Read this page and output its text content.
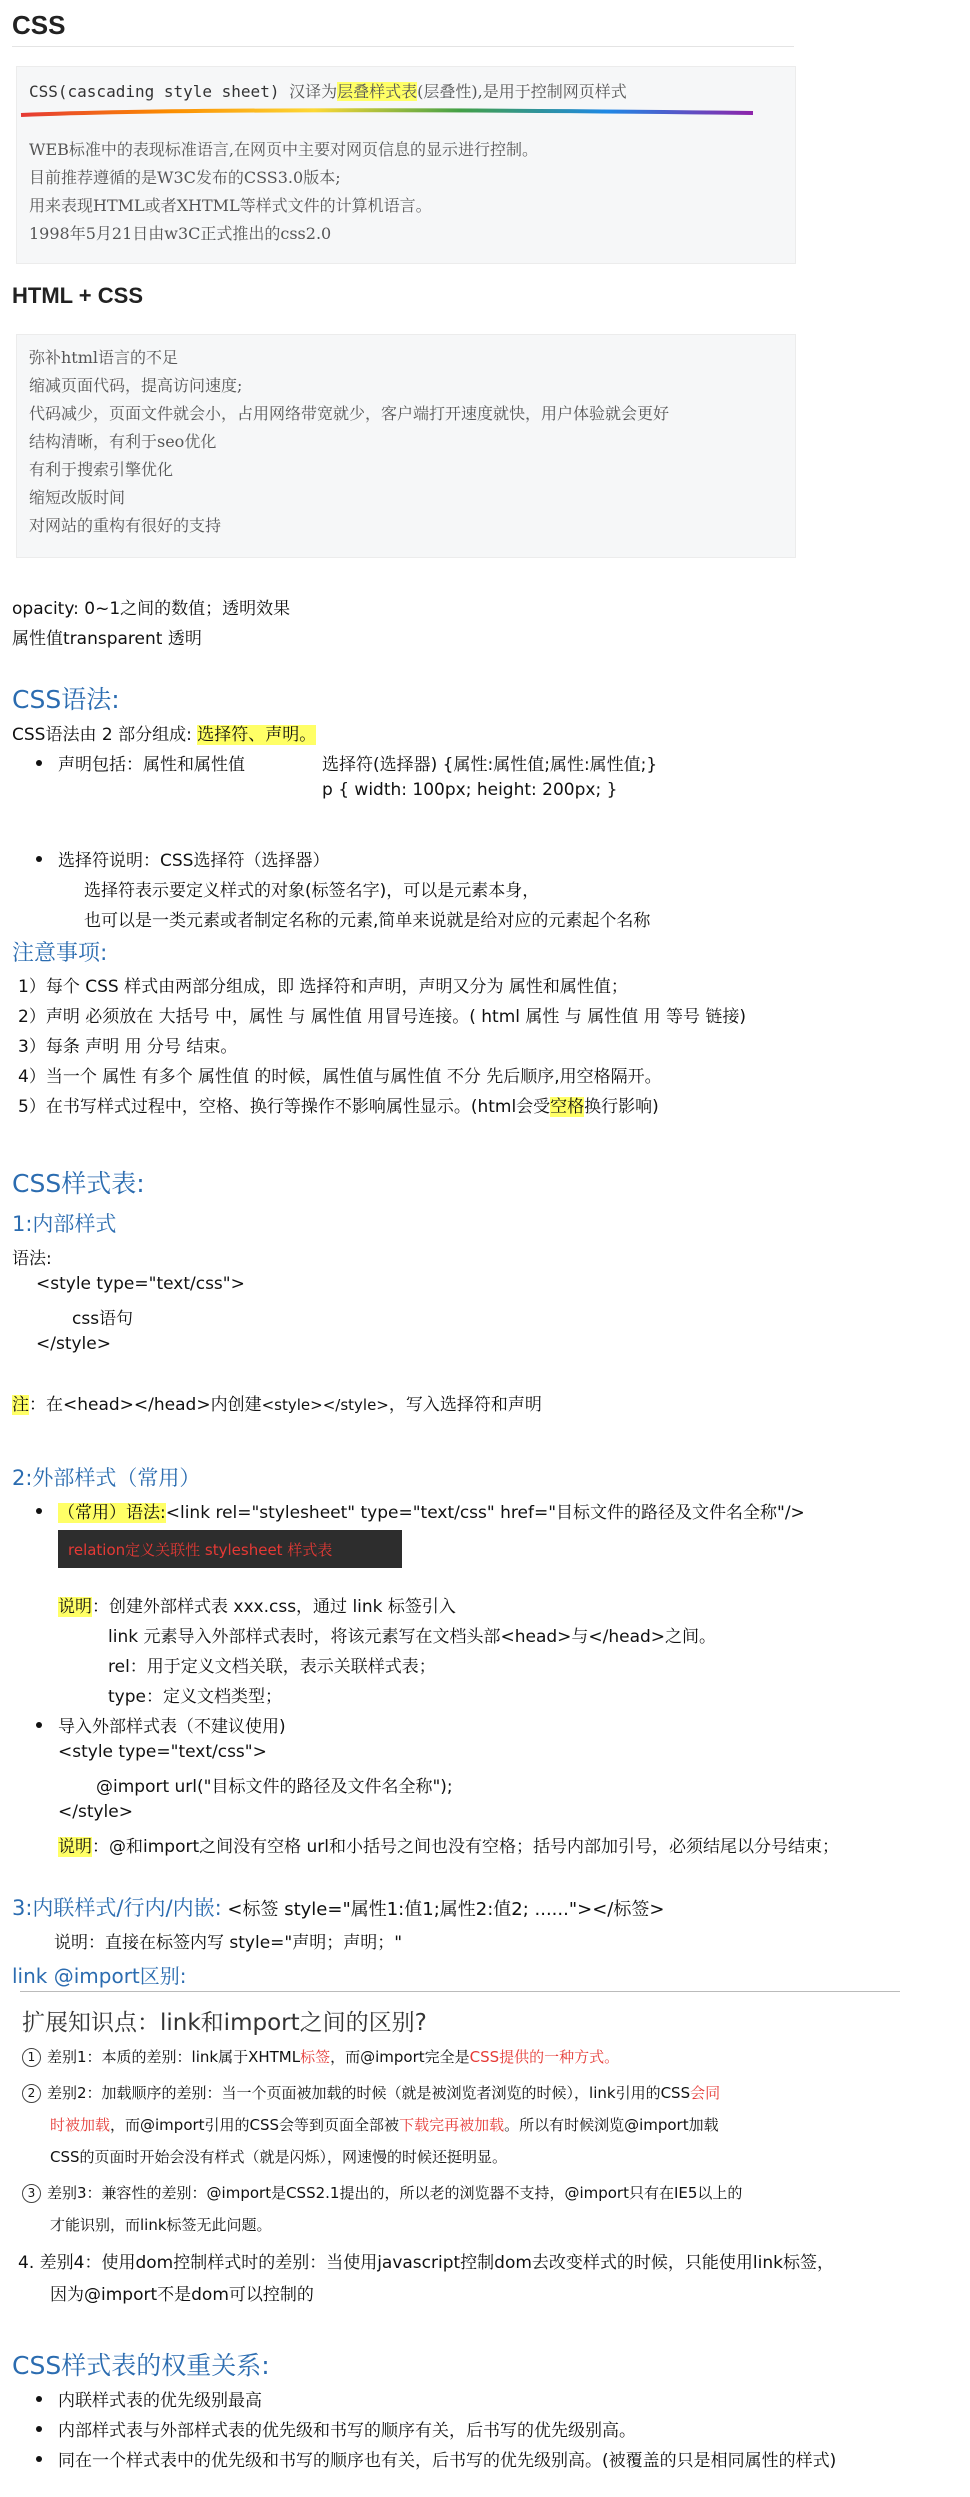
CSS
CSS(cascading style sheet) 汉译为层叠样式表(层叠性),是用于控制网页样式
WEB标准中的表现标准语言,在网页中主要对网页信息的显示进行控制。
目前推荐遵循的是W3C发布的CSS3.0版本;
用来表现HTML或者XHTML等样式文件的计算机语言。
1998年5月21日由w3C正式推出的css2.0
HTML + CSS
弥补html语言的不足
缩减页面代码，提高访问速度;
代码减少，页面文件就会小，占用网络带宽就少，客户端打开速度就快，用户体验就会更好
结构清晰，有利于seo优化
有利于搜索引擎优化
缩短改版时间
对网站的重构有很好的支持
opacity: 0~1之间的数值；透明效果
属性值transparent 透明
CSS语法:
CSS语法由 2 部分组成: 选择符、声明。
声明包括：属性和属性值	选择符(选择器) {属性:属性值;属性:属性值;}
p { width: 100px; height: 200px; }
选择符说明：CSS选择符（选择器）
选择符表示要定义样式的对象(标签名字)，可以是元素本身，
也可以是一类元素或者制定名称的元素,简单来说就是给对应的元素起个名称
注意事项:
1）每个 CSS 样式由两部分组成，即 选择符和声明，声明又分为 属性和属性值；
2）声明 必须放在 大括号 中，属性 与 属性值 用冒号连接。( html 属性 与 属性值 用 等号 链接)
3）每条 声明 用 分号 结束。
4）当一个 属性 有多个 属性值 的时候，属性值与属性值 不分 先后顺序,用空格隔开。
5）在书写样式过程中，空格、换行等操作不影响属性显示。(html会受空格换行影响)
CSS样式表:
1:内部样式
语法:
<style type="text/css">
css语句
</style>
注：在<head></head>内创建<style></style>，写入选择符和声明
2:外部样式（常用）
（常用）语法:<link rel="stylesheet" type="text/css" href="目标文件的路径及文件名全称"/>
relation定义关联性 stylesheet 样式表
说明：创建外部样式表 xxx.css，通过 link 标签引入
link 元素导入外部样式表时，将该元素写在文档头部<head>与</head>之间。
rel：用于定义文档关联，表示关联样式表；
type：定义文档类型；
导入外部样式表（不建议使用)
<style type="text/css">
@import url("目标文件的路径及文件名全称");
</style>
说明：@和import之间没有空格 url和小括号之间也没有空格；括号内部加引号，必须结尾以分号结束；
3:内联样式/行内/内嵌: <标签 style="属性1:值1;属性2:值2; ......"></标签>
说明：直接在标签内写 style="声明；声明；"
link @import区别:
扩展知识点：link和import之间的区别?
1 差别1：本质的差别：link属于XHTML标签，而@import完全是CSS提供的一种方式。
2 差别2：加载顺序的差别：当一个页面被加载的时候（就是被浏览者浏览的时候），link引用的CSS会同
时被加载，而@import引用的CSS会等到页面全部被下载完再被加载。所以有时候浏览@import加载
CSS的页面时开始会没有样式（就是闪烁），网速慢的时候还挺明显。
3 差别3：兼容性的差别：@import是CSS2.1提出的，所以老的浏览器不支持，@import只有在IE5以上的
才能识别，而link标签无此问题。
4. 差别4：使用dom控制样式时的差别：当使用javascript控制dom去改变样式的时候，只能使用link标签，
因为@import不是dom可以控制的
CSS样式表的权重关系:
内联样式表的优先级别最高
内部样式表与外部样式表的优先级和书写的顺序有关，后书写的优先级别高。
同在一个样式表中的优先级和书写的顺序也有关，后书写的优先级别高。(被覆盖的只是相同属性的样式)
